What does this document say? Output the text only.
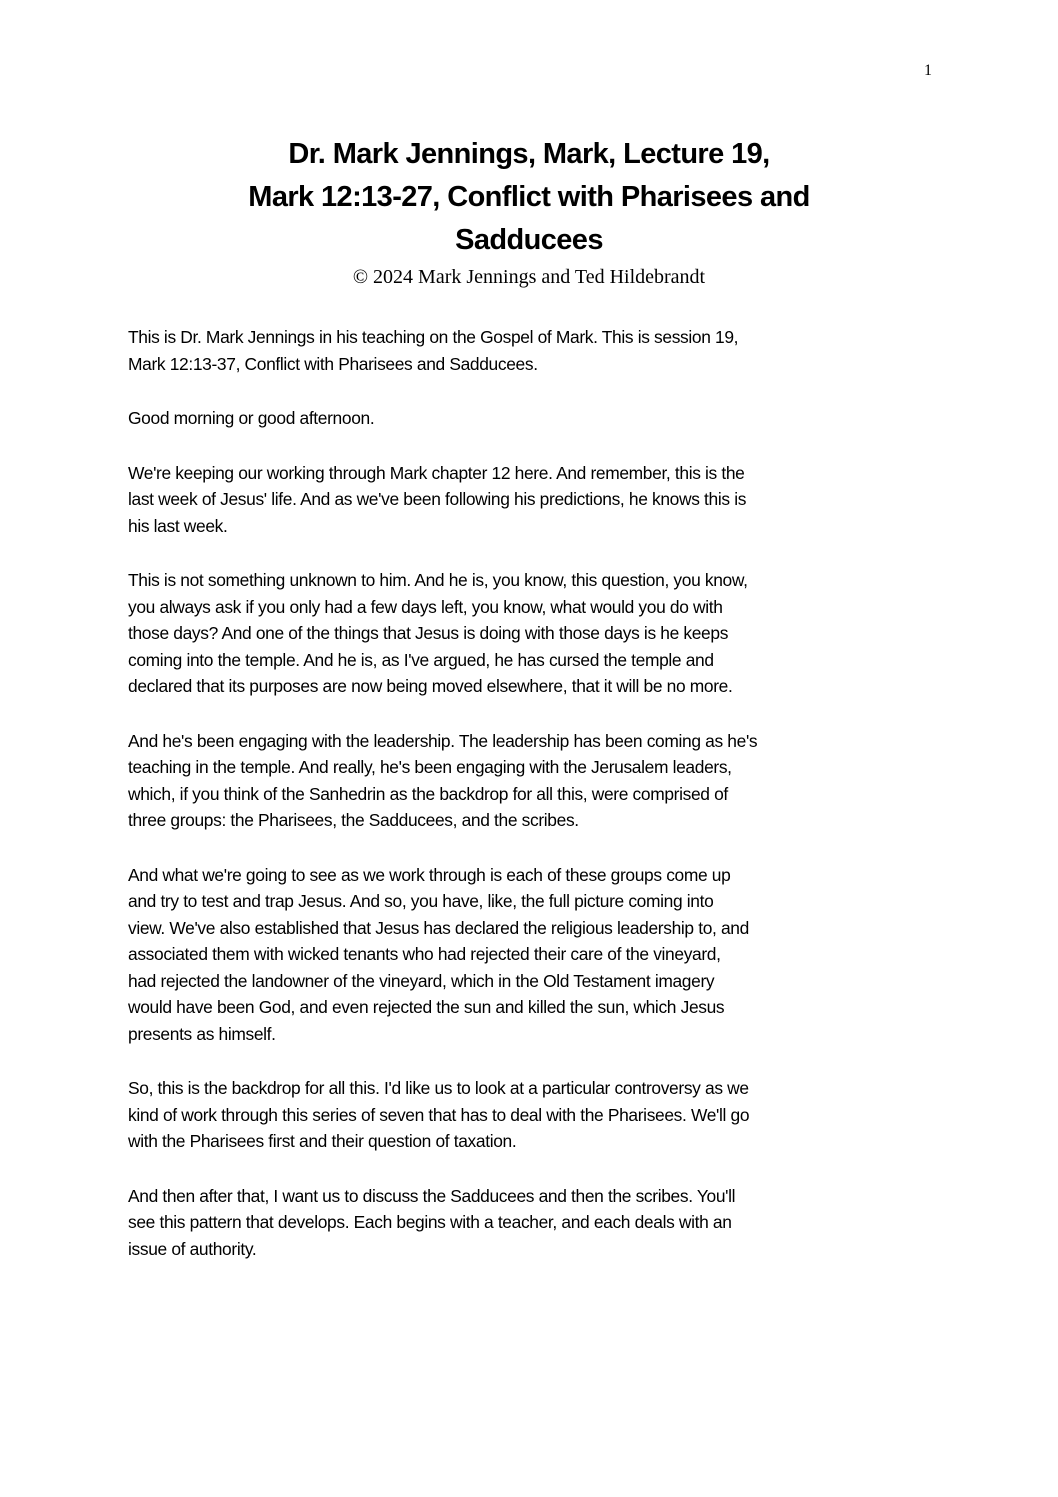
1
Dr. Mark Jennings, Mark, Lecture 19,
Mark 12:13-27, Conflict with Pharisees and
Sadducees
© 2024 Mark Jennings and Ted Hildebrandt
This is Dr. Mark Jennings in his teaching on the Gospel of Mark. This is session 19,
Mark 12:13-37, Conflict with Pharisees and Sadducees.
Good morning or good afternoon.
We're keeping our working through Mark chapter 12 here. And remember, this is the
last week of Jesus' life. And as we've been following his predictions, he knows this is
his last week.
This is not something unknown to him. And he is, you know, this question, you know,
you always ask if you only had a few days left, you know, what would you do with
those days? And one of the things that Jesus is doing with those days is he keeps
coming into the temple. And he is, as I've argued, he has cursed the temple and
declared that its purposes are now being moved elsewhere, that it will be no more.
And he's been engaging with the leadership. The leadership has been coming as he's
teaching in the temple. And really, he's been engaging with the Jerusalem leaders,
which, if you think of the Sanhedrin as the backdrop for all this, were comprised of
three groups: the Pharisees, the Sadducees, and the scribes.
And what we're going to see as we work through is each of these groups come up
and try to test and trap Jesus. And so, you have, like, the full picture coming into
view. We've also established that Jesus has declared the religious leadership to, and
associated them with wicked tenants who had rejected their care of the vineyard,
had rejected the landowner of the vineyard, which in the Old Testament imagery
would have been God, and even rejected the sun and killed the sun, which Jesus
presents as himself.
So, this is the backdrop for all this. I'd like us to look at a particular controversy as we
kind of work through this series of seven that has to deal with the Pharisees. We'll go
with the Pharisees first and their question of taxation.
And then after that, I want us to discuss the Sadducees and then the scribes. You'll
see this pattern that develops. Each begins with a teacher, and each deals with an
issue of authority.
